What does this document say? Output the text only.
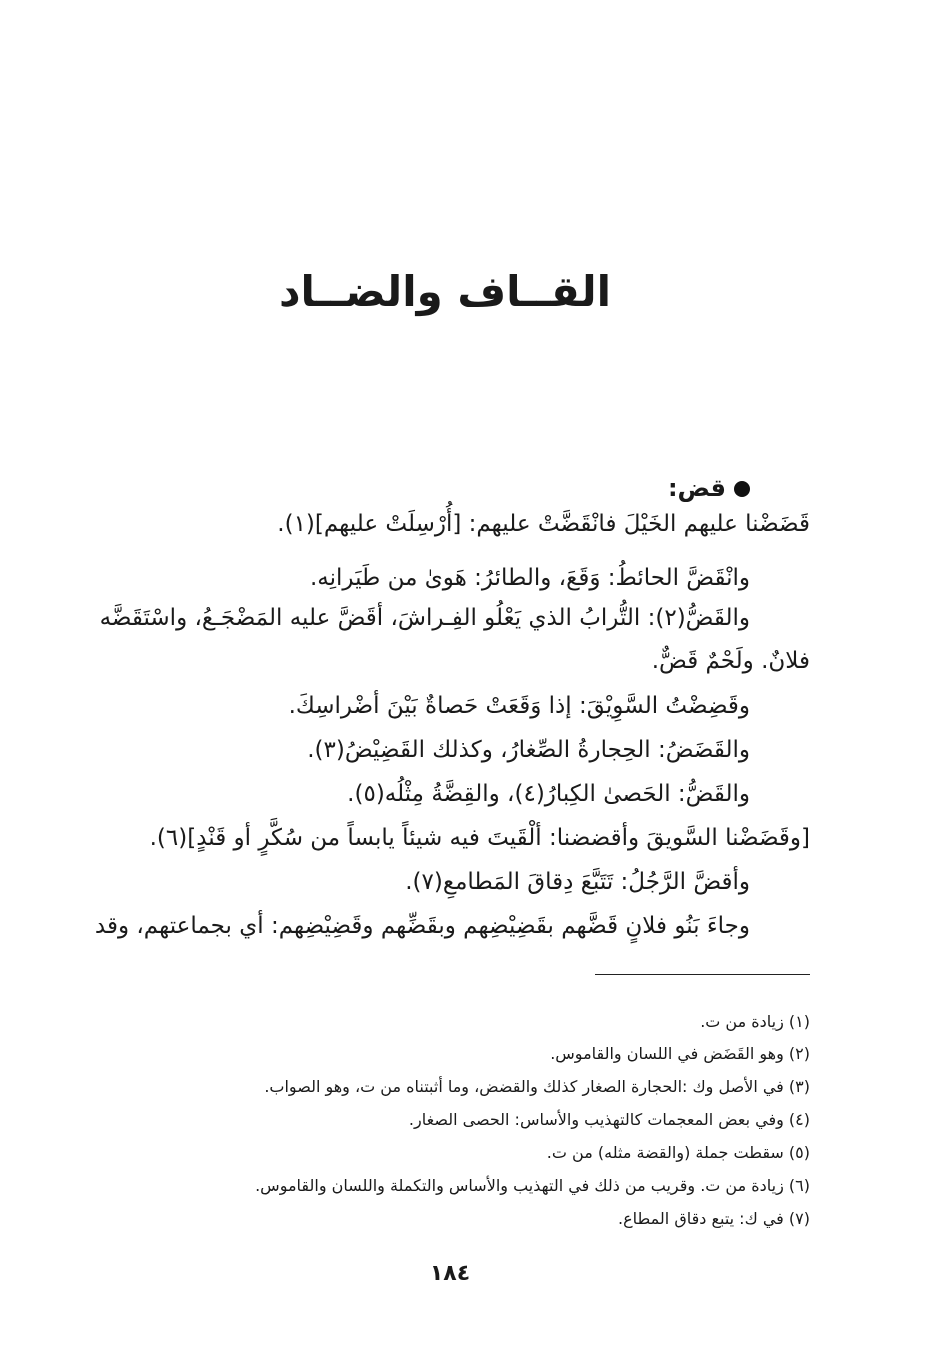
القــاف والضــاد
قض:
قَضَضْنا عليهم الخَيْلَ فانْقَضَّتْ عليهم: [أُرْسِلَتْ عليهم](١).
وانْقَضَّ الحائطُ: وَقَعَ، والطائرُ: هَوىٰ من طَيَرانِه.
والقَضُّ(٢): التُّرابُ الذي يَعْلُو الفِـراشَ، أقَضَّ عليه المَضْجَـعُ، واسْتَقَضَّه
فلانٌ. ولَحْمٌ قَضٌّ.
وقَضِضْتُ السَّوِيْقَ: إذا وَقَعَتْ حَصاةٌ بَيْنَ أضْراسِكَ.
والقَضَضُ: الحِجارةُ الصِّغارُ، وكذلك القَضِيْضُ(٣).
والقَضُّ: الحَصىٰ الكِبارُ(٤)، والقِضَّةُ مِثْلُه(٥).
[وقَضَضْنا السَّويقَ وأقضضنا: ألْقَيتَ فيه شيئاً يابساً من سُكَّرٍ أو قَنْدٍ](٦).
وأقضَّ الرَّجُلُ: تَتَبَّعَ دِقاقَ المَطامعِ(٧).
وجاءَ بَنُو فلانٍ قَضَّهم بقَضِيْضِهم وبقَضِّهم وقَضِيْضِهم: أي بجماعتهم، وقد
(١) زيادة من ت.
(٢) وهو القَضَض في اللسان والقاموس.
(٣) في الأصل وك :الحجارة الصغار كذلك والقضض، وما أثبتناه من ت، وهو الصواب.
(٤) وفي بعض المعجمات كالتهذيب والأساس: الحصى الصغار.
(٥) سقطت جملة (والقضة مثله) من ت.
(٦) زيادة من ت. وقريب من ذلك في التهذيب والأساس والتكملة واللسان والقاموس.
(٧) في ك: يتبع دقاق المطاع.
١٨٤
